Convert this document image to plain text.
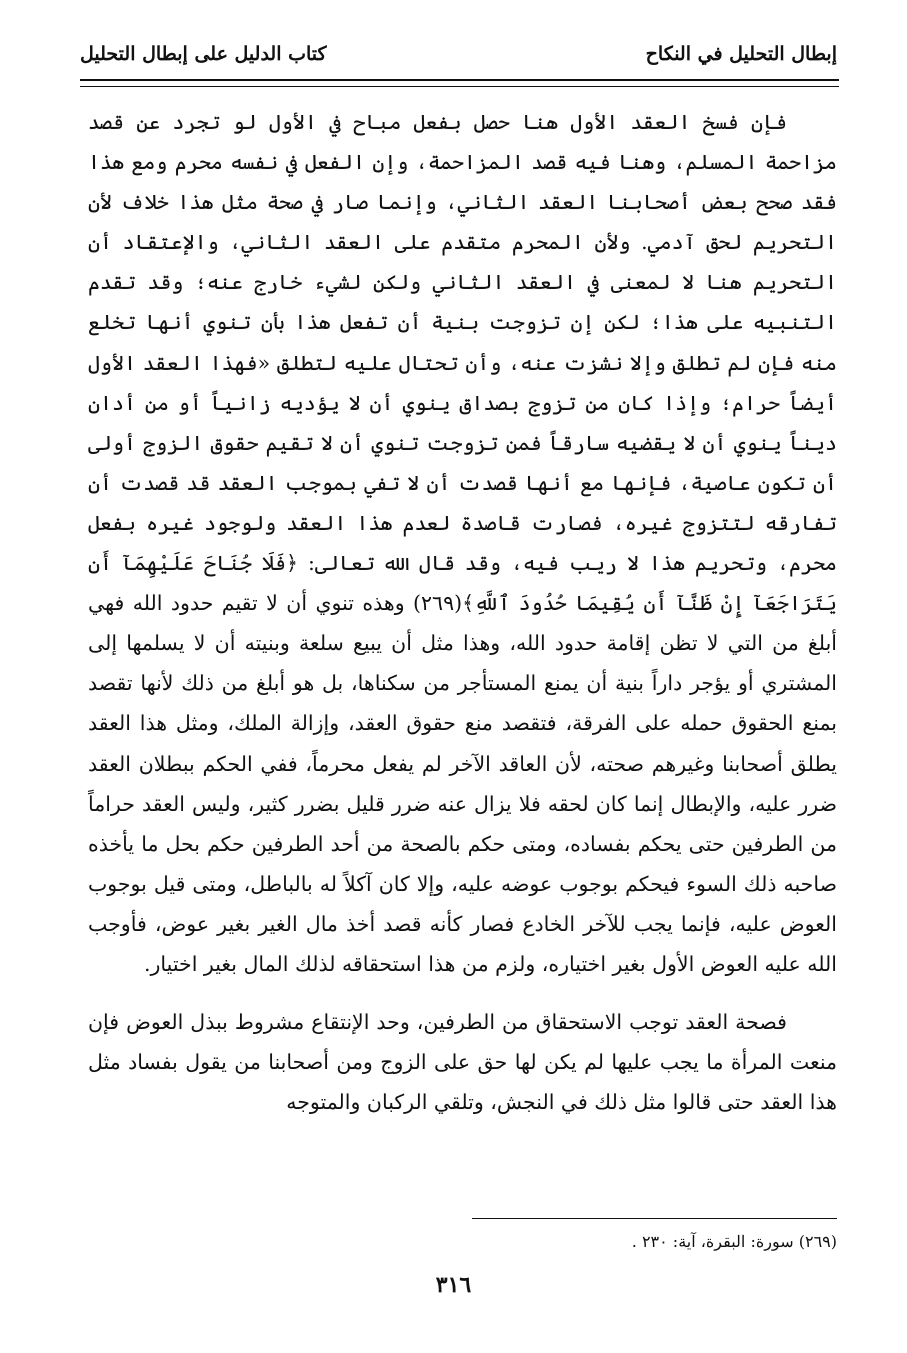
كتاب الدليل على إبطال التحليل	إبطال التحليل في النكاح

فإن فسخ العقد الأول هنا حصل بفعل مباح في الأول لو تجرد عن قصد مزاحمة المسلم، وهنا فيه قصد المزاحمة، وإن الفعل في نفسه محرم ومع هذا فقد صحح بعض أصحابنا العقد الثاني، وإنما صار في صحة مثل هذا خلاف لأن التحريم لحق آدمي. ولأن المحرم متقدم على العقد الثاني، والإعتقاد أن التحريم هنا لا لمعنى في العقد الثاني ولكن لشيء خارج عنه؛ وقد تقدم التنبيه على هذا؛ لكن إن تزوجت بنية أن تفعل هذا بأن تنوي أنها تخلع منه فإن لم تطلق وإلا نشزت عنه، وأن تحتال عليه لتطلق «فهذا العقد الأول أيضاً حرام؛ وإذا كان من تزوج بصداق ينوي أن لا يؤديه زانياً أو من أدان ديناً ينوي أن لا يقضيه سارقاً فمن تزوجت تنوي أن لا تقيم حقوق الزوج أولى أن تكون عاصية، فإنها مع أنها قصدت أن لا تفي بموجب العقد قد قصدت أن تفارقه لتتزوج غيره، فصارت قاصدة لعدم هذا العقد ولوجود غيره بفعل محرم، وتحريم هذا لا ريب فيه، وقد قال الله تعالى: ﴿فَلَا جُنَاحَ عَلَيْهِمَآ أَن يَتَرَاجَعَآ إِنْ ظَنَّآ أَن يُقِيمَا حُدُودَ ٱللَّهِ﴾(٢٦٩) وهذه تنوي أن لا تقيم حدود الله فهي أبلغ من التي لا تظن إقامة حدود الله، وهذا مثل أن يبيع سلعة وبنيته أن لا يسلمها إلى المشتري أو يؤجر داراً بنية أن يمنع المستأجر من سكناها، بل هو أبلغ من ذلك لأنها تقصد بمنع الحقوق حمله على الفرقة، فتقصد منع حقوق العقد، وإزالة الملك، ومثل هذا العقد يطلق أصحابنا وغيرهم صحته، لأن العاقد الآخر لم يفعل محرماً، ففي الحكم ببطلان العقد ضرر عليه، والإبطال إنما كان لحقه فلا يزال عنه ضرر قليل بضرر كثير، وليس العقد حراماً من الطرفين حتى يحكم بفساده، ومتى حكم بالصحة من أحد الطرفين حكم بحل ما يأخذه صاحبه ذلك السوء فيحكم بوجوب عوضه عليه، وإلا كان آكلاً له بالباطل، ومتى قيل بوجوب العوض عليه، فإنما يجب للآخر الخادع فصار كأنه قصد أخذ مال الغير بغير عوض، فأوجب الله عليه العوض الأول بغير اختياره، ولزم من هذا استحقاقه لذلك المال بغير اختيار.

فصحة العقد توجب الاستحقاق من الطرفين، وحد الإنتقاع مشروط ببذل العوض فإن منعت المرأة ما يجب عليها لم يكن لها حق على الزوج ومن أصحابنا من يقول بفساد مثل هذا العقد حتى قالوا مثل ذلك في النجش، وتلقي الركبان والمتوجه

(٢٦٩) سورة: البقرة، آية: ٢٣٠ .
٣١٦
